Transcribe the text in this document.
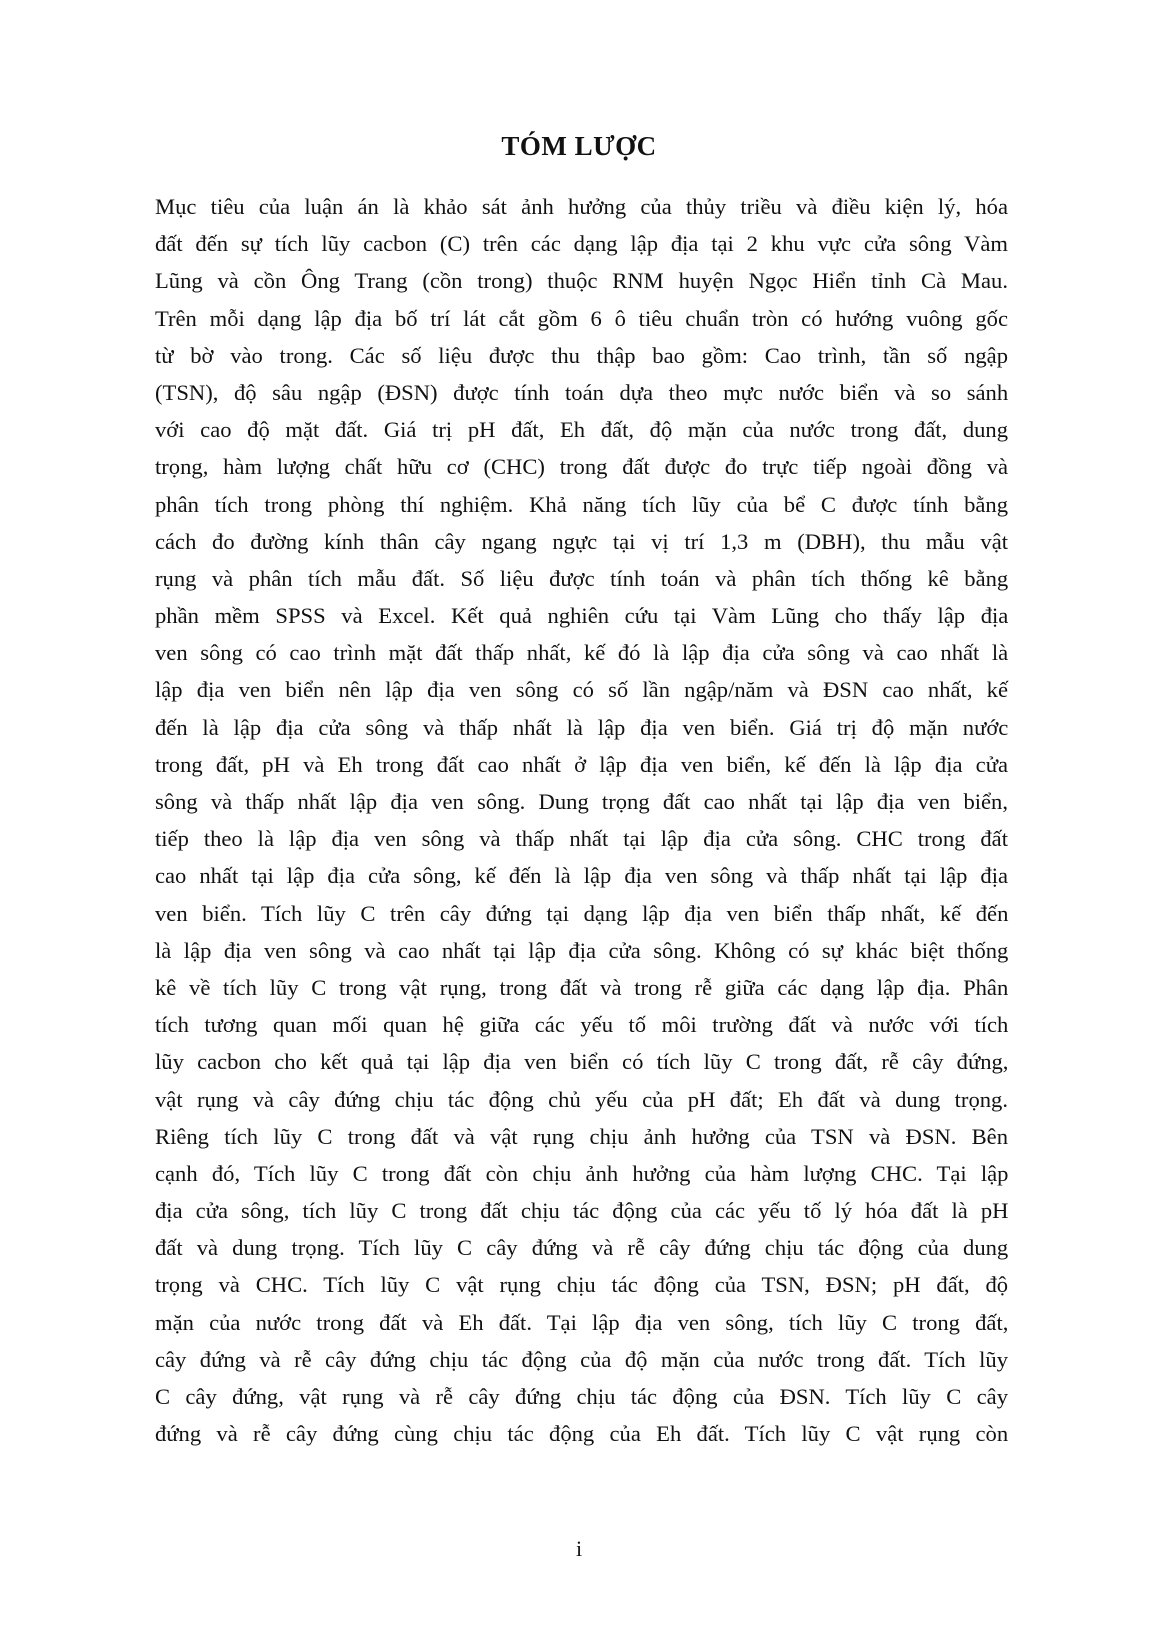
TÓM LƯỢC

Mục tiêu của luận án là khảo sát ảnh hưởng của thủy triều và điều kiện lý, hóa
đất đến sự tích lũy cacbon (C) trên các dạng lập địa tại 2 khu vực cửa sông Vàm
Lũng và cồn Ông Trang (cồn trong) thuộc RNM huyện Ngọc Hiển tỉnh Cà Mau.
Trên mỗi dạng lập địa bố trí lát cắt gồm 6 ô tiêu chuẩn tròn có hướng vuông gốc
từ bờ vào trong. Các số liệu được thu thập bao gồm: Cao trình, tần số ngập
(TSN), độ sâu ngập (ĐSN) được tính toán dựa theo mực nước biển và so sánh
với cao độ mặt đất. Giá trị pH đất, Eh đất, độ mặn của nước trong đất, dung
trọng, hàm lượng chất hữu cơ (CHC) trong đất được đo trực tiếp ngoài đồng và
phân tích trong phòng thí nghiệm. Khả năng tích lũy của bể C được tính bằng
cách đo đường kính thân cây ngang ngực tại vị trí 1,3 m (DBH), thu mẫu vật
rụng và phân tích mẫu đất. Số liệu được tính toán và phân tích thống kê bằng
phần mềm SPSS và Excel. Kết quả nghiên cứu tại Vàm Lũng cho thấy lập địa
ven sông có cao trình mặt đất thấp nhất, kế đó là lập địa cửa sông và cao nhất là
lập địa ven biển nên lập địa ven sông có số lần ngập/năm và ĐSN cao nhất, kế
đến là lập địa cửa sông và thấp nhất là lập địa ven biển. Giá trị độ mặn nước
trong đất, pH và Eh trong đất cao nhất ở lập địa ven biển, kế đến là lập địa cửa
sông và thấp nhất lập địa ven sông. Dung trọng đất cao nhất tại lập địa ven biển,
tiếp theo là lập địa ven sông và thấp nhất tại lập địa cửa sông. CHC trong đất
cao nhất tại lập địa cửa sông, kế đến là lập địa ven sông và thấp nhất tại lập địa
ven biển. Tích lũy C trên cây đứng tại dạng lập địa ven biển thấp nhất, kế đến
là lập địa ven sông và cao nhất tại lập địa cửa sông. Không có sự khác biệt thống
kê về tích lũy C trong vật rụng, trong đất và trong rễ giữa các dạng lập địa. Phân
tích tương quan mối quan hệ giữa các yếu tố môi trường đất và nước với tích
lũy cacbon cho kết quả tại lập địa ven biển có tích lũy C trong đất, rễ cây đứng,
vật rụng và cây đứng chịu tác động chủ yếu của pH đất; Eh đất và dung trọng.
Riêng tích lũy C trong đất và vật rụng chịu ảnh hưởng của TSN và ĐSN. Bên
cạnh đó, Tích lũy C trong đất còn chịu ảnh hưởng của hàm lượng CHC. Tại lập
địa cửa sông, tích lũy C trong đất chịu tác động của các yếu tố lý hóa đất là pH
đất và dung trọng. Tích lũy C cây đứng và rễ cây đứng chịu tác động của dung
trọng và CHC. Tích lũy C vật rụng chịu tác động của TSN, ĐSN; pH đất, độ
mặn của nước trong đất và Eh đất. Tại lập địa ven sông, tích lũy C trong đất,
cây đứng và rễ cây đứng chịu tác động của độ mặn của nước trong đất. Tích lũy
C cây đứng, vật rụng và rễ cây đứng chịu tác động của ĐSN. Tích lũy C cây
đứng và rễ cây đứng cùng chịu tác động của Eh đất. Tích lũy C vật rụng còn

i
